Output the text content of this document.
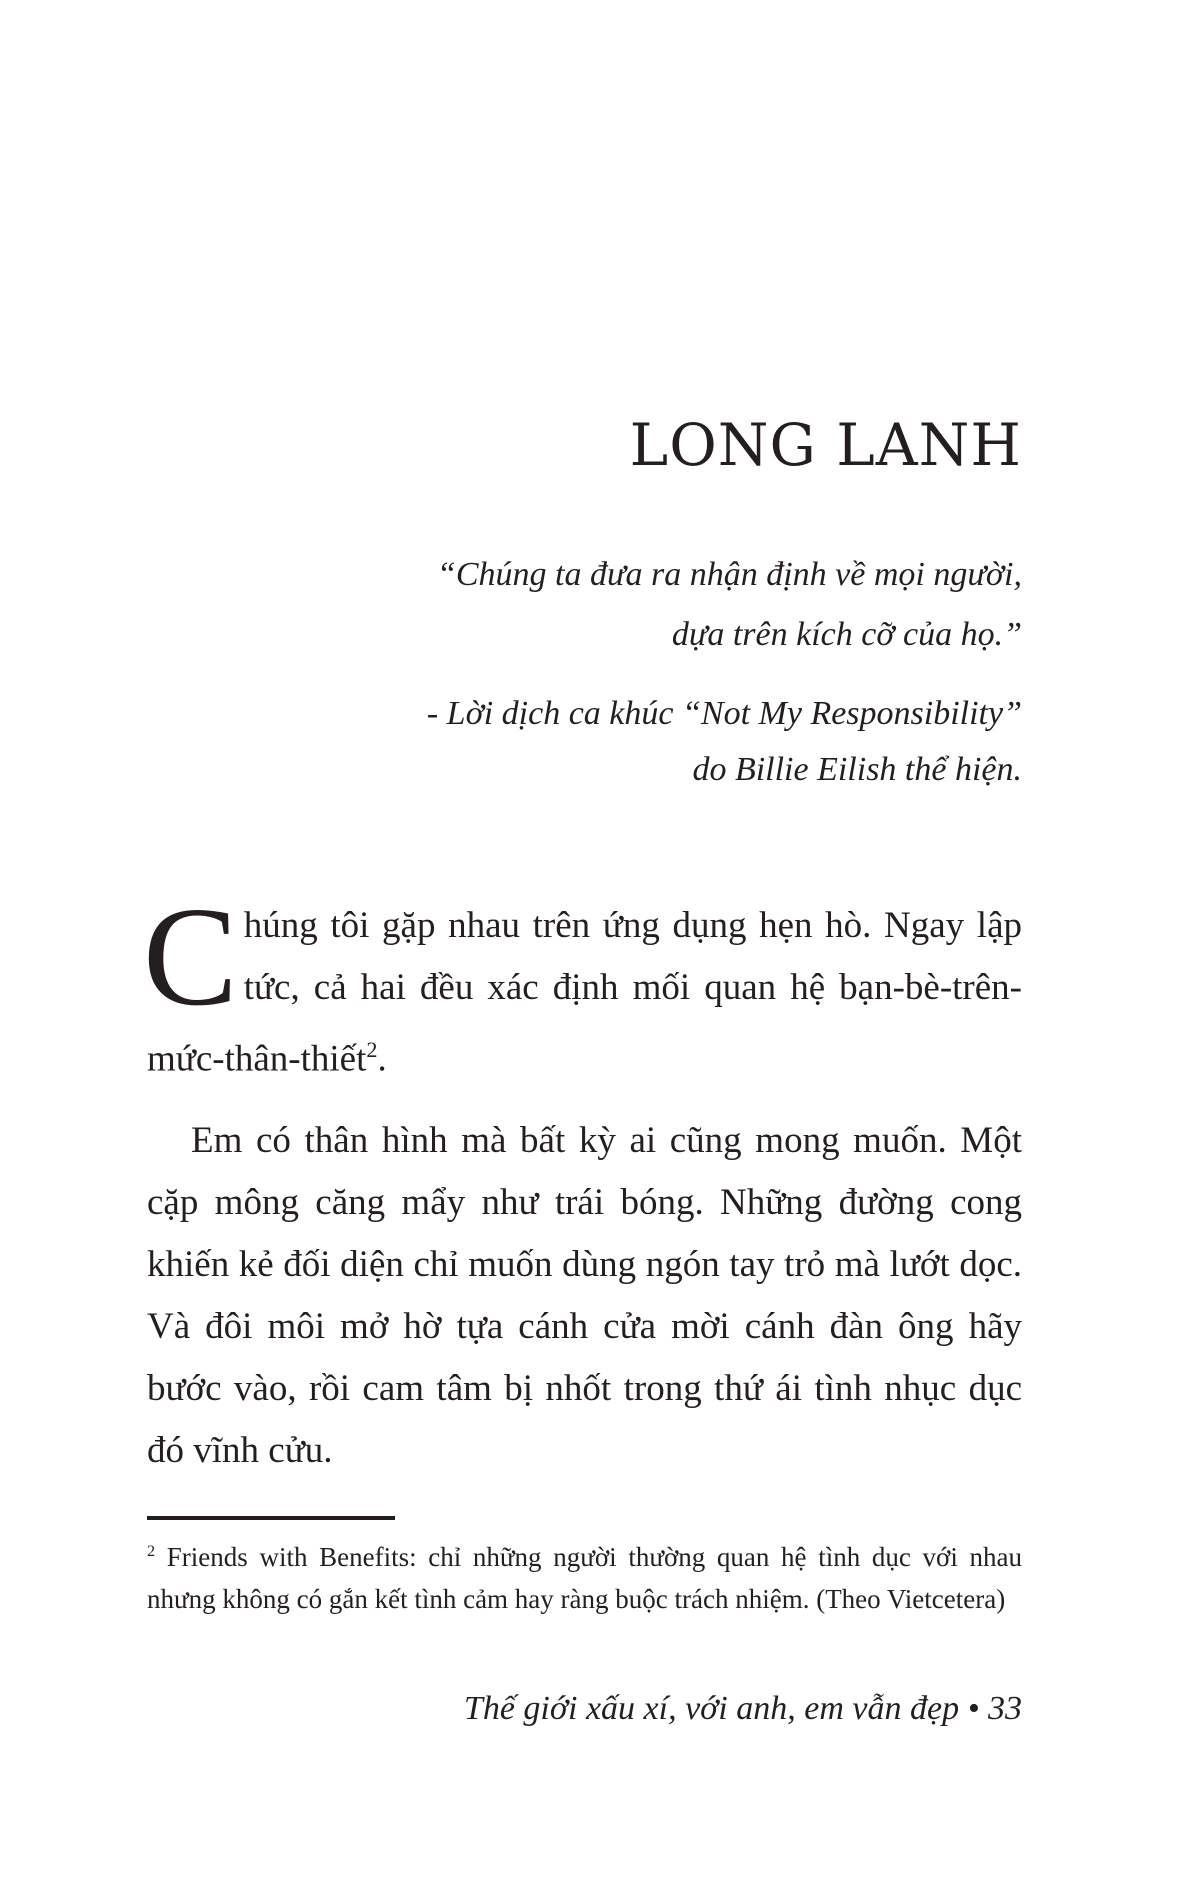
LONG LANH
“Chúng ta đưa ra nhận định về mọi người,
dựa trên kích cỡ của họ.”
- Lời dịch ca khúc “Not My Responsibility”
do Billie Eilish thể hiện.

Chúng tôi gặp nhau trên ứng dụng hẹn hò. Ngay lập tức, cả hai đều xác định mối quan hệ bạn-bè-trên-mức-thân-thiết$^2$.

Em có thân hình mà bất kỳ ai cũng mong muốn. Một cặp mông căng mẩy như trái bóng. Những đường cong khiến kẻ đối diện chỉ muốn dùng ngón tay trỏ mà lướt dọc. Và đôi môi mở hờ tựa cánh cửa mời cánh đàn ông hãy bước vào, rồi cam tâm bị nhốt trong thứ ái tình nhục dục đó vĩnh cửu.

$^2$ Friends with Benefits: chỉ những người thường quan hệ tình dục với nhau nhưng không có gắn kết tình cảm hay ràng buộc trách nhiệm. (Theo Vietcetera)
Thế giới xấu xí, với anh, em vẫn đẹp • 33
